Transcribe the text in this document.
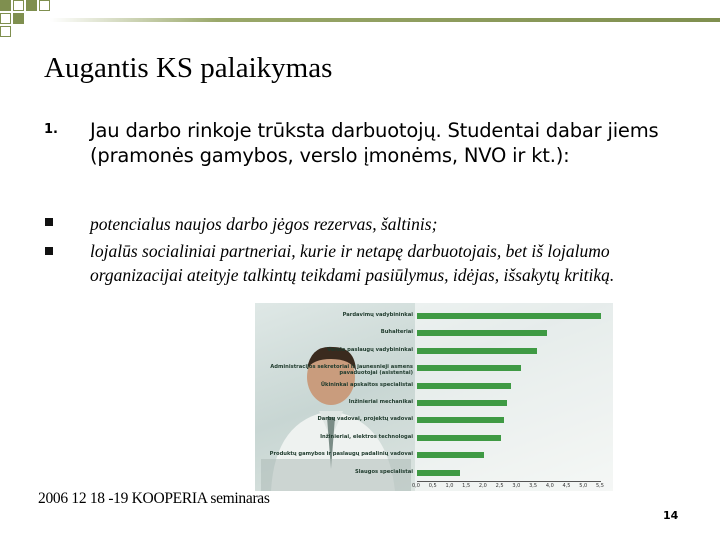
Augantis KS palaikymas
1. Jau darbo rinkoje trūksta darbuotojų. Studentai dabar jiems (pramonės gamybos, verslo įmonėms, NVO ir kt.):
potencialus naujos darbo jėgos rezervas, šaltinis;
lojalūs socialiniai partneriai, kurie ir netapę darbuotojais, bet iš lojalumo organizacijai ateityje talkintų teikdami pasiūlymus, idėjas, išsakytų kritiką.
Pardavimų vadybininkai
Buhalteriai
Verslo paslaugų vadybininkai
Administracijos sekretoriai ir jaunesnieji asmens pavaduotojai (asistentai)
Ūkininkai apskaitos specialistai
Inžinieriai mechanikai
Darbų vadovai, projektų vadovai
Inžinieriai, elektros technologai
Produktų gamybos ir paslaugų padalinių vadovai
Slaugos specialistai
0,0 0,5 1,0 1,5 2,0 2,5 3,0 3,5 4,0 4,5 5,0 5,5
2006 12 18 -19 KOOPERIA seminaras
14
